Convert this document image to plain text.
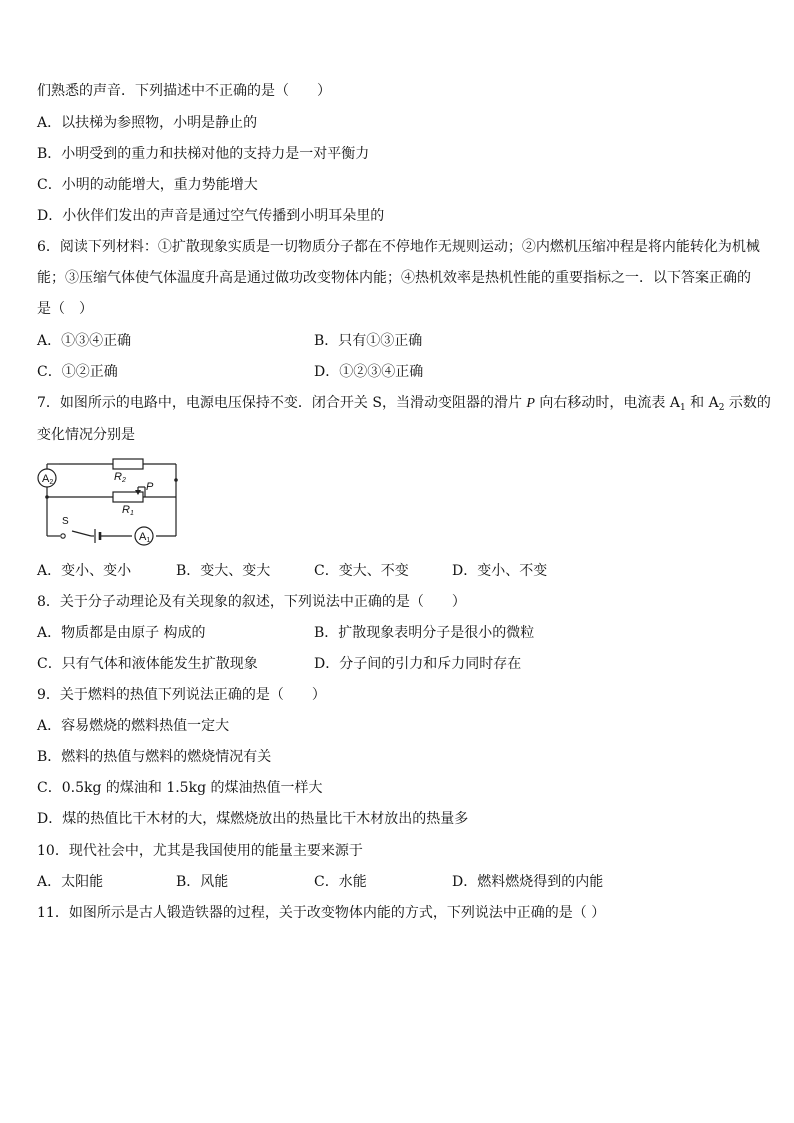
们熟悉的声音．下列描述中不正确的是（　　）
A．以扶梯为参照物，小明是静止的
B．小明受到的重力和扶梯对他的支持力是一对平衡力
C．小明的动能增大，重力势能增大
D．小伙伴们发出的声音是通过空气传播到小明耳朵里的
6．阅读下列材料：①扩散现象实质是一切物质分子都在不停地作无规则运动；②内燃机压缩冲程是将内能转化为机械
能；③压缩气体使气体温度升高是通过做功改变物体内能；④热机效率是热机性能的重要指标之一．以下答案正确的
是（　）
A．①③④正确	B．只有①③正确
C．①②正确	D．①②③④正确
7．如图所示的电路中，电源电压保持不变．闭合开关 S，当滑动变阻器的滑片 P 向右移动时，电流表 $A_1$ 和 $A_2$ 示数的
变化情况分别是
A2
A1
R2
R1
P
S
A．变小、变小	B．变大、变大	C．变大、不变	D．变小、不变
8．关于分子动理论及有关现象的叙述，下列说法中正确的是（　　）
A．物质都是由原子 构成的	B．扩散现象表明分子是很小的微粒
C．只有气体和液体能发生扩散现象	D．分子间的引力和斥力同时存在
9．关于燃料的热值下列说法正确的是（　　）
A．容易燃烧的燃料热值一定大
B．燃料的热值与燃料的燃烧情况有关
C．0.5kg 的煤油和 1.5kg 的煤油热值一样大
D．煤的热值比干木材的大，煤燃烧放出的热量比干木材放出的热量多
10．现代社会中，尤其是我国使用的能量主要来源于
A．太阳能	B．风能	C．水能	D．燃料燃烧得到的内能
11．如图所示是古人锻造铁器的过程，关于改变物体内能的方式，下列说法中正确的是（ ）
